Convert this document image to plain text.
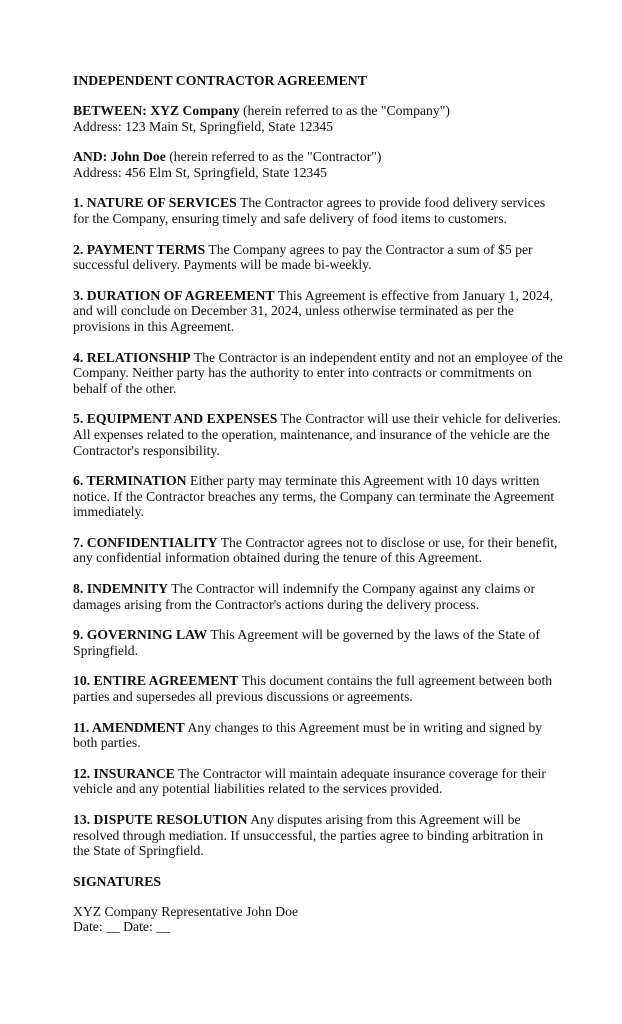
INDEPENDENT CONTRACTOR AGREEMENT
BETWEEN: XYZ Company (herein referred to as the "Company")
Address: 123 Main St, Springfield, State 12345
AND: John Doe (herein referred to as the "Contractor")
Address: 456 Elm St, Springfield, State 12345
1. NATURE OF SERVICES The Contractor agrees to provide food delivery services for the Company, ensuring timely and safe delivery of food items to customers.
2. PAYMENT TERMS The Company agrees to pay the Contractor a sum of $5 per successful delivery. Payments will be made bi-weekly.
3. DURATION OF AGREEMENT This Agreement is effective from January 1, 2024, and will conclude on December 31, 2024, unless otherwise terminated as per the provisions in this Agreement.
4. RELATIONSHIP The Contractor is an independent entity and not an employee of the Company. Neither party has the authority to enter into contracts or commitments on behalf of the other.
5. EQUIPMENT AND EXPENSES The Contractor will use their vehicle for deliveries. All expenses related to the operation, maintenance, and insurance of the vehicle are the Contractor's responsibility.
6. TERMINATION Either party may terminate this Agreement with 10 days written notice. If the Contractor breaches any terms, the Company can terminate the Agreement immediately.
7. CONFIDENTIALITY The Contractor agrees not to disclose or use, for their benefit, any confidential information obtained during the tenure of this Agreement.
8. INDEMNITY The Contractor will indemnify the Company against any claims or damages arising from the Contractor's actions during the delivery process.
9. GOVERNING LAW This Agreement will be governed by the laws of the State of Springfield.
10. ENTIRE AGREEMENT This document contains the full agreement between both parties and supersedes all previous discussions or agreements.
11. AMENDMENT Any changes to this Agreement must be in writing and signed by both parties.
12. INSURANCE The Contractor will maintain adequate insurance coverage for their vehicle and any potential liabilities related to the services provided.
13. DISPUTE RESOLUTION Any disputes arising from this Agreement will be resolved through mediation. If unsuccessful, the parties agree to binding arbitration in the State of Springfield.
SIGNATURES
XYZ Company Representative John Doe
Date: __ Date: __
